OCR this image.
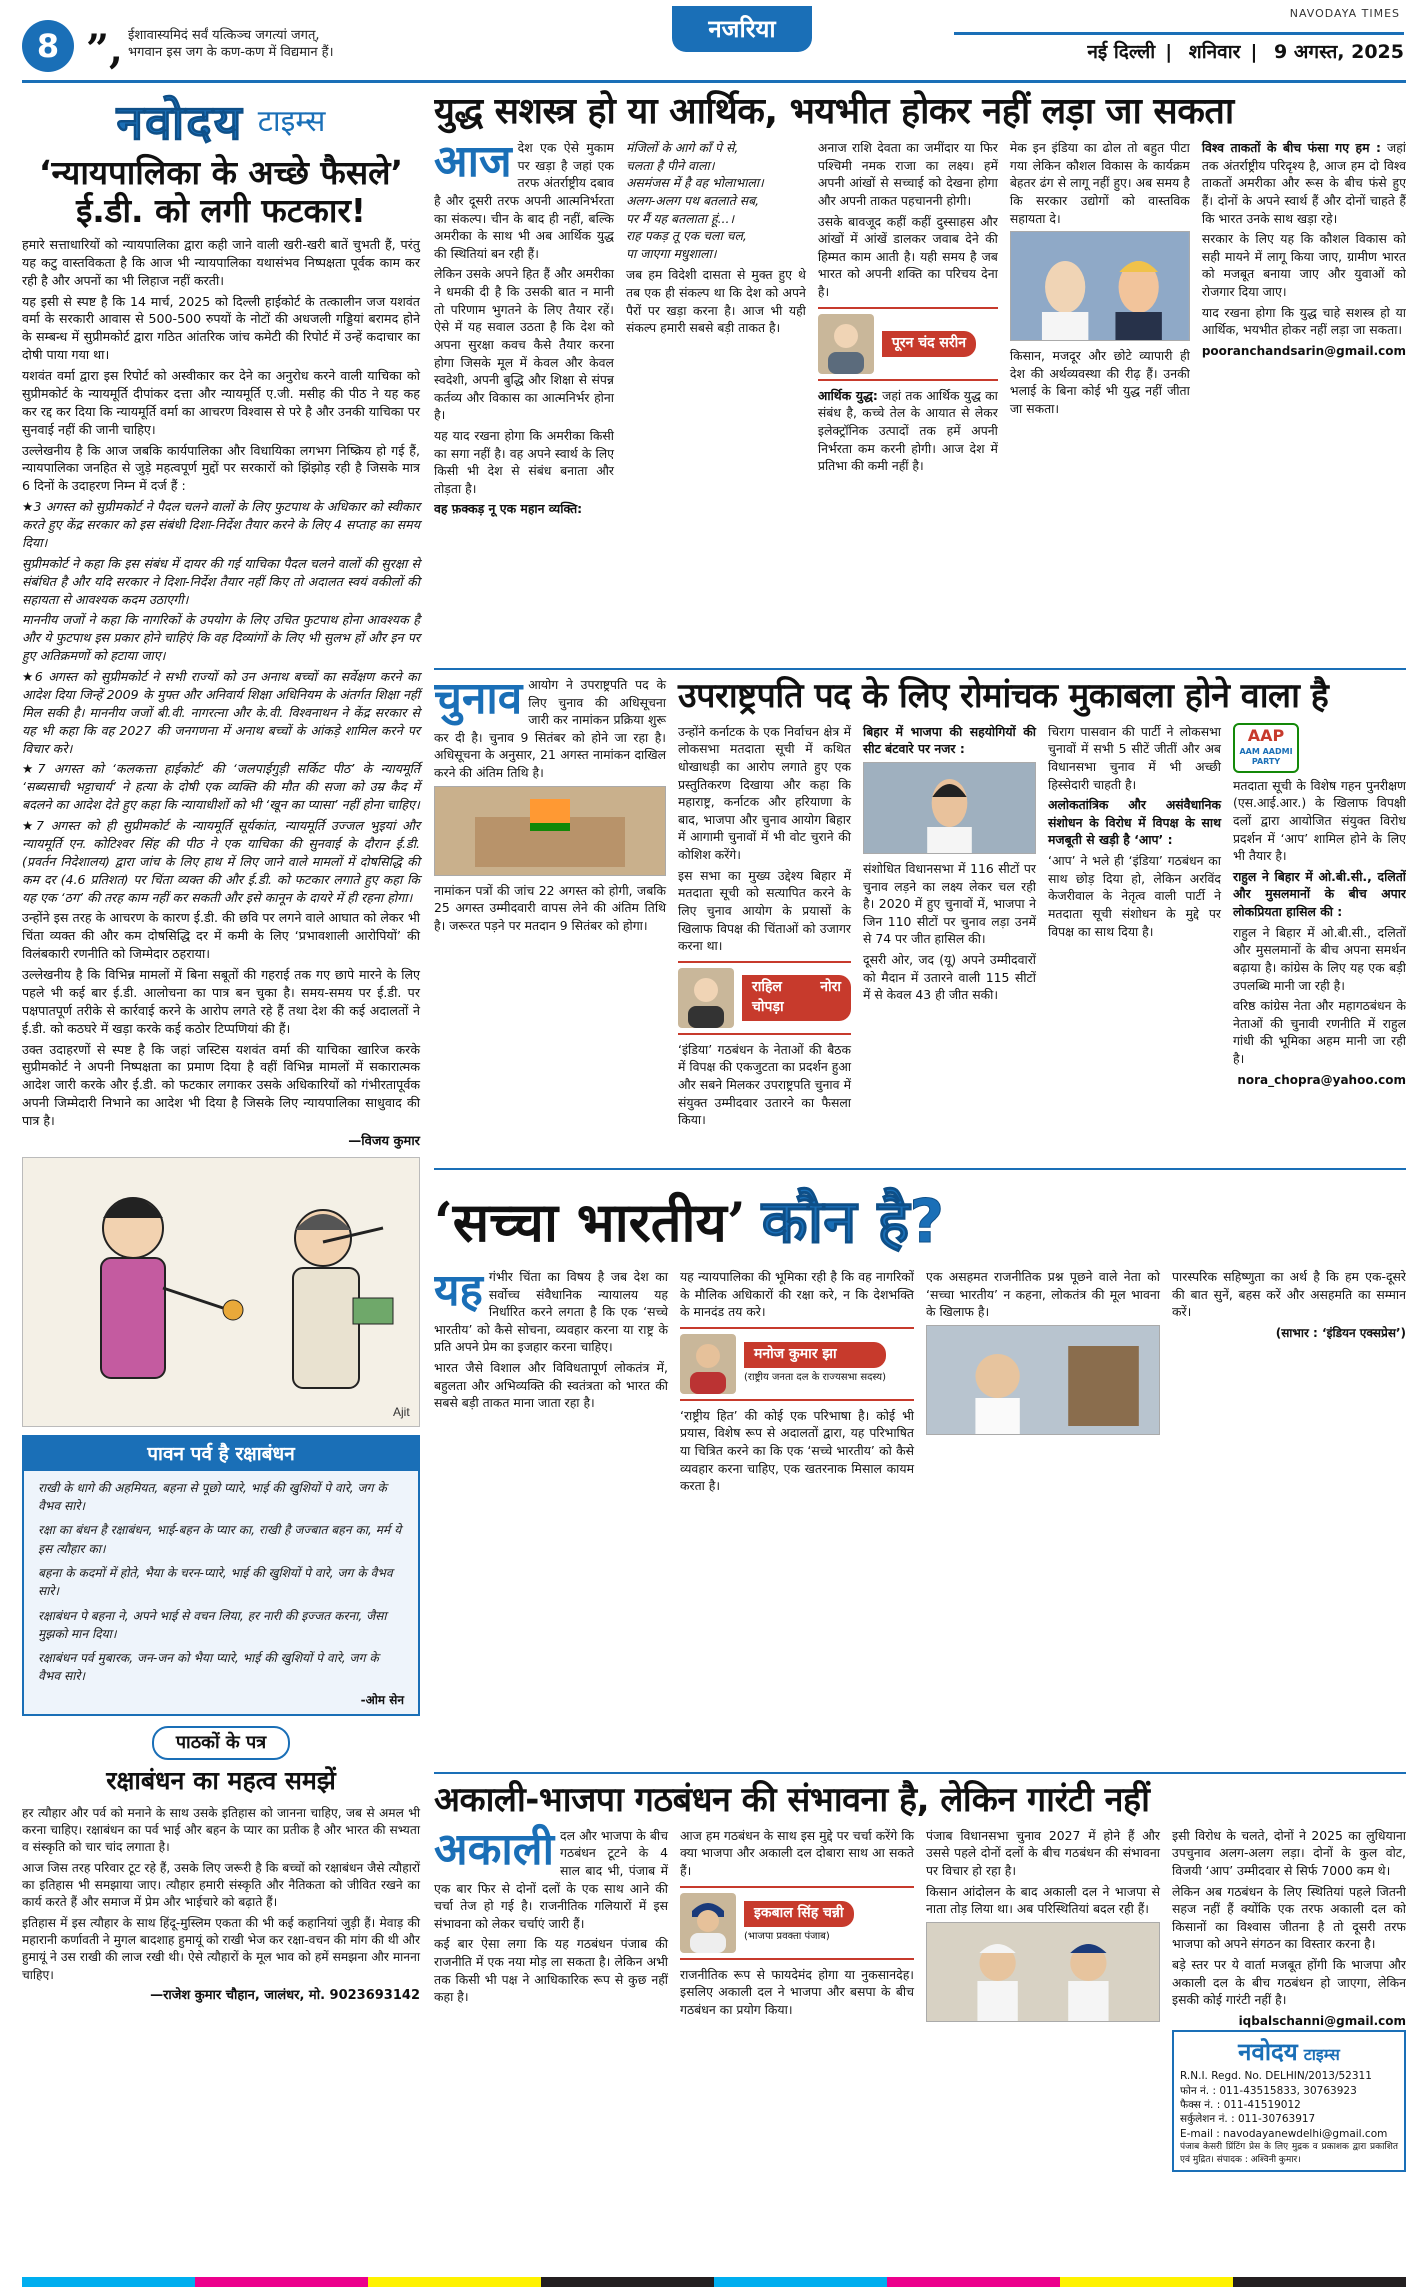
8 ”, ईशावास्यमिदं सर्वं यत्किञ्च जगत्यां जगत्,
भगवान इस जग के कण-कण में विद्यमान हैं।
नजरिया
NAVODAYA TIMES
नई दिल्ली | शनिवार | 9 अगस्त, 2025
नवोदय टाइम्स
‘न्यायपालिका के अच्छे फैसले’
ई.डी. को लगी फटकार!

हमारे सत्ताधारियों को न्यायपालिका द्वारा कही जाने वाली खरी-खरी बातें चुभती हैं, परंतु यह कटु वास्तविकता है कि आज भी न्यायपालिका यथासंभव निष्पक्षता पूर्वक काम कर रही है और अपनों का भी लिहाज नहीं करती।

यह इसी से स्पष्ट है कि 14 मार्च, 2025 को दिल्ली हाईकोर्ट के तत्कालीन जज यशवंत वर्मा के सरकारी आवास से 500-500 रुपयों के नोटों की अधजली गड्डियां बरामद होने के सम्बन्ध में सुप्रीमकोर्ट द्वारा गठित आंतरिक जांच कमेटी की रिपोर्ट में उन्हें कदाचार का दोषी पाया गया था।

यशवंत वर्मा द्वारा इस रिपोर्ट को अस्वीकार कर देने का अनुरोध करने वाली याचिका को सुप्रीमकोर्ट के न्यायमूर्ति दीपांकर दत्ता और न्यायमूर्ति ए.जी. मसीह की पीठ ने यह कह कर रद्द कर दिया कि न्यायमूर्ति वर्मा का आचरण विश्वास से परे है और उनकी याचिका पर सुनवाई नहीं की जानी चाहिए।

उल्लेखनीय है कि आज जबकि कार्यपालिका और विधायिका लगभग निष्क्रिय हो गई हैं, न्यायपालिका जनहित से जुड़े महत्वपूर्ण मुद्दों पर सरकारों को झिंझोड़ रही है जिसके मात्र 6 दिनों के उदाहरण निम्न में दर्ज हैं :

★3 अगस्त को सुप्रीमकोर्ट ने पैदल चलने वालों के लिए फुटपाथ के अधिकार को स्वीकार करते हुए केंद्र सरकार को इस संबंधी दिशा-निर्देश तैयार करने के लिए 4 सप्ताह का समय दिया।

सुप्रीमकोर्ट ने कहा कि इस संबंध में दायर की गई याचिका पैदल चलने वालों की सुरक्षा से संबंधित है और यदि सरकार ने दिशा-निर्देश तैयार नहीं किए तो अदालत स्वयं वकीलों की सहायता से आवश्यक कदम उठाएगी।

माननीय जजों ने कहा कि नागरिकों के उपयोग के लिए उचित फुटपाथ होना आवश्यक है और ये फुटपाथ इस प्रकार होने चाहिएं कि वह दिव्यांगों के लिए भी सुलभ हों और इन पर हुए अतिक्रमणों को हटाया जाए।

★6 अगस्त को सुप्रीमकोर्ट ने सभी राज्यों को उन अनाथ बच्चों का सर्वेक्षण करने का आदेश दिया जिन्हें 2009 के मुफ्त और अनिवार्य शिक्षा अधिनियम के अंतर्गत शिक्षा नहीं मिल सकी है। माननीय जजों बी.वी. नागरत्ना और के.वी. विश्वनाथन ने केंद्र सरकार से यह भी कहा कि वह 2027 की जनगणना में अनाथ बच्चों के आंकड़े शामिल करने पर विचार करे।

★7 अगस्त को ‘कलकत्ता हाईकोर्ट’ की ‘जलपाईगुड़ी सर्किट पीठ’ के न्यायमूर्ति ‘सब्यसाची भट्टाचार्य’ ने हत्या के दोषी एक व्यक्ति की मौत की सजा को उम्र कैद में बदलने का आदेश देते हुए कहा कि न्यायाधीशों को भी ‘खून का प्यासा’ नहीं होना चाहिए।

★7 अगस्त को ही सुप्रीमकोर्ट के न्यायमूर्ति सूर्यकांत, न्यायमूर्ति उज्जल भुइयां और न्यायमूर्ति एन. कोटिश्वर सिंह की पीठ ने एक याचिका की सुनवाई के दौरान ई.डी. (प्रवर्तन निदेशालय) द्वारा जांच के लिए हाथ में लिए जाने वाले मामलों में दोषसिद्धि की कम दर (4.6 प्रतिशत) पर चिंता व्यक्त की और ई.डी. को फटकार लगाते हुए कहा कि यह एक ‘ठग’ की तरह काम नहीं कर सकती और इसे कानून के दायरे में ही रहना होगा।

उन्होंने इस तरह के आचरण के कारण ई.डी. की छवि पर लगने वाले आघात को लेकर भी चिंता व्यक्त की और कम दोषसिद्धि दर में कमी के लिए ‘प्रभावशाली आरोपियों’ की विलंबकारी रणनीति को जिम्मेदार ठहराया।

उल्लेखनीय है कि विभिन्न मामलों में बिना सबूतों की गहराई तक गए छापे मारने के लिए पहले भी कई बार ई.डी. आलोचना का पात्र बन चुका है। समय-समय पर ई.डी. पर पक्षपातपूर्ण तरीके से कार्रवाई करने के आरोप लगते रहे हैं तथा देश की कई अदालतों ने ई.डी. को कठघरे में खड़ा करके कई कठोर टिप्पणियां की हैं।

उक्त उदाहरणों से स्पष्ट है कि जहां जस्टिस यशवंत वर्मा की याचिका खारिज करके सुप्रीमकोर्ट ने अपनी निष्पक्षता का प्रमाण दिया है वहीं विभिन्न मामलों में सकारात्मक आदेश जारी करके और ई.डी. को फटकार लगाकर उसके अधिकारियों को गंभीरतापूर्वक अपनी जिम्मेदारी निभाने का आदेश भी दिया है जिसके लिए न्यायपालिका साधुवाद की पात्र है।

—विजय कुमार
Ajit
पावन पर्व है रक्षाबंधन
राखी के धागे की अहमियत, बहना से पूछो प्यारे, भाई की खुशियों पे वारे, जग के वैभव सारे।
रक्षा का बंधन है रक्षाबंधन, भाई-बहन के प्यार का, राखी है जज्बात बहन का, मर्म ये इस त्यौहार का।
बहना के कदमों में होते, भैया के चरन-प्यारे, भाई की खुशियों पे वारे, जग के वैभव सारे।
रक्षाबंधन पे बहना ने, अपने भाई से वचन लिया, हर नारी की इज्जत करना, जैसा मुझको मान दिया।
रक्षाबंधन पर्व मुबारक, जन-जन को भैया प्यारे, भाई की खुशियों पे वारे, जग के वैभव सारे।
-ओम सेन
पाठकों के पत्र
रक्षाबंधन का महत्व समझें

हर त्यौहार और पर्व को मनाने के साथ उसके इतिहास को जानना चाहिए, जब से अमल भी करना चाहिए। रक्षाबंधन का पर्व भाई और बहन के प्यार का प्रतीक है और भारत की सभ्यता व संस्कृति को चार चांद लगाता है।

आज जिस तरह परिवार टूट रहे हैं, उसके लिए जरूरी है कि बच्चों को रक्षाबंधन जैसे त्यौहारों का इतिहास भी समझाया जाए। त्यौहार हमारी संस्कृति और नैतिकता को जीवित रखने का कार्य करते हैं और समाज में प्रेम और भाईचारे को बढ़ाते हैं।

इतिहास में इस त्यौहार के साथ हिंदू-मुस्लिम एकता की भी कई कहानियां जुड़ी हैं। मेवाड़ की महारानी कर्णावती ने मुगल बादशाह हुमायूं को राखी भेज कर रक्षा-वचन की मांग की थी और हुमायूं ने उस राखी की लाज रखी थी। ऐसे त्यौहारों के मूल भाव को हमें समझना और मानना चाहिए।

—राजेश कुमार चौहान, जालंधर, मो. 9023693142
युद्ध सशस्त्र हो या आर्थिक, भयभीत होकर नहीं लड़ा जा सकता
आज देश एक ऐसे मुकाम पर खड़ा है जहां एक तरफ अंतर्राष्ट्रीय दबाव है और दूसरी तरफ अपनी आत्मनिर्भरता का संकल्प। चीन के बाद ही नहीं, बल्कि अमरीका के साथ भी अब आर्थिक युद्ध की स्थितियां बन रही हैं।

लेकिन उसके अपने हित हैं और अमरीका ने धमकी दी है कि उसकी बात न मानी तो परिणाम भुगतने के लिए तैयार रहें। ऐसे में यह सवाल उठता है कि देश को अपना सुरक्षा कवच कैसे तैयार करना होगा जिसके मूल में केवल और केवल स्वदेशी, अपनी बुद्धि और शिक्षा से संपन्न कर्तव्य और विकास का आत्मनिर्भर होना है।

यह याद रखना होगा कि अमरीका किसी का सगा नहीं है। वह अपने स्वार्थ के लिए किसी भी देश से संबंध बनाता और तोड़ता है।

वह फ़क्कड़ नू एक महान व्यक्ति:

मंजिलों के आगे काँ पे से,
चलता है पीने वाला।
असमंजस में है वह भोलाभाला।
अलग-अलग पथ बतलाते सब,
पर मैं यह बतलाता हूं...।
राह पकड़ तू एक चला चल,
पा जाएगा मधुशाला।

जब हम विदेशी दासता से मुक्त हुए थे तब एक ही संकल्प था कि देश को अपने पैरों पर खड़ा करना है। आज भी यही संकल्प हमारी सबसे बड़ी ताकत है।

अनाज राशि देवता का जमींदार या फिर पश्चिमी नमक राजा का लक्ष्य। हमें अपनी आंखों से सच्चाई को देखना होगा और अपनी ताकत पहचाननी होगी।

उसके बावजूद कहीं कहीं दुस्साहस और आंखों में आंखें डालकर जवाब देने की हिम्मत काम आती है। यही समय है जब भारत को अपनी शक्ति का परिचय देना है।

पूरन चंद सरीन

आर्थिक युद्ध: जहां तक आर्थिक युद्ध का संबंध है, कच्चे तेल के आयात से लेकर इलेक्ट्रॉनिक उत्पादों तक हमें अपनी निर्भरता कम करनी होगी। आज देश में प्रतिभा की कमी नहीं है।

मेक इन इंडिया का ढोल तो बहुत पीटा गया लेकिन कौशल विकास के कार्यक्रम बेहतर ढंग से लागू नहीं हुए। अब समय है कि सरकार उद्योगों को वास्तविक सहायता दे।

किसान, मजदूर और छोटे व्यापारी ही देश की अर्थव्यवस्था की रीढ़ हैं। उनकी भलाई के बिना कोई भी युद्ध नहीं जीता जा सकता।

विश्व ताकतों के बीच फंसा गए हम : जहां तक अंतर्राष्ट्रीय परिदृश्य है, आज हम दो विश्व ताकतों अमरीका और रूस के बीच फंसे हुए हैं। दोनों के अपने स्वार्थ हैं और दोनों चाहते हैं कि भारत उनके साथ खड़ा रहे।

सरकार के लिए यह कि कौशल विकास को सही मायने में लागू किया जाए, ग्रामीण भारत को मजबूत बनाया जाए और युवाओं को रोजगार दिया जाए।

याद रखना होगा कि युद्ध चाहे सशस्त्र हो या आर्थिक, भयभीत होकर नहीं लड़ा जा सकता।

pooranchandsarin@gmail.com
चुनाव आयोग ने उपराष्ट्रपति पद के लिए चुनाव की अधिसूचना जारी कर नामांकन प्रक्रिया शुरू कर दी है। चुनाव 9 सितंबर को होने जा रहा है। अधिसूचना के अनुसार, 21 अगस्त नामांकन दाखिल करने की अंतिम तिथि है।

नामांकन पत्रों की जांच 22 अगस्त को होगी, जबकि 25 अगस्त उम्मीदवारी वापस लेने की अंतिम तिथि है। जरूरत पड़ने पर मतदान 9 सितंबर को होगा।

उपराष्ट्रपति पद के लिए रोमांचक मुकाबला होने वाला है

उन्होंने कर्नाटक के एक निर्वाचन क्षेत्र में लोकसभा मतदाता सूची में कथित धोखाधड़ी का आरोप लगाते हुए एक प्रस्तुतिकरण दिखाया और कहा कि महाराष्ट्र, कर्नाटक और हरियाणा के बाद, भाजपा और चुनाव आयोग बिहार में आगामी चुनावों में भी वोट चुराने की कोशिश करेंगे।

इस सभा का मुख्य उद्देश्य बिहार में मतदाता सूची को सत्यापित करने के लिए चुनाव आयोग के प्रयासों के खिलाफ विपक्ष की चिंताओं को उजागर करना था।

राहिल नोरा चोपड़ा

‘इंडिया’ गठबंधन के नेताओं की बैठक में विपक्ष की एकजुटता का प्रदर्शन हुआ और सबने मिलकर उपराष्ट्रपति चुनाव में संयुक्त उम्मीदवार उतारने का फैसला किया।

बिहार में भाजपा की सहयोगियों की सीट बंटवारे पर नजर :

संशोधित विधानसभा में 116 सीटों पर चुनाव लड़ने का लक्ष्य लेकर चल रही है। 2020 में हुए चुनावों में, भाजपा ने जिन 110 सीटों पर चुनाव लड़ा उनमें से 74 पर जीत हासिल की।

दूसरी ओर, जद (यू) अपने उम्मीदवारों को मैदान में उतारने वाली 115 सीटों में से केवल 43 ही जीत सकी।

चिराग पासवान की पार्टी ने लोकसभा चुनावों में सभी 5 सीटें जीतीं और अब विधानसभा चुनाव में भी अच्छी हिस्सेदारी चाहती है।

अलोकतांत्रिक और असंवैधानिक संशोधन के विरोध में विपक्ष के साथ मजबूती से खड़ी है ‘आप’ :

‘आप’ ने भले ही ‘इंडिया’ गठबंधन का साथ छोड़ दिया हो, लेकिन अरविंद केजरीवाल के नेतृत्व वाली पार्टी ने मतदाता सूची संशोधन के मुद्दे पर विपक्ष का साथ दिया है।

AAP
AAM AADMI PARTY

मतदाता सूची के विशेष गहन पुनरीक्षण (एस.आई.आर.) के खिलाफ विपक्षी दलों द्वारा आयोजित संयुक्त विरोध प्रदर्शन में ‘आप’ शामिल होने के लिए भी तैयार है।

राहुल ने बिहार में ओ.बी.सी., दलितों और मुसलमानों के बीच अपार लोकप्रियता हासिल की :

राहुल ने बिहार में ओ.बी.सी., दलितों और मुसलमानों के बीच अपना समर्थन बढ़ाया है। कांग्रेस के लिए यह एक बड़ी उपलब्धि मानी जा रही है।

वरिष्ठ कांग्रेस नेता और महागठबंधन के नेताओं की चुनावी रणनीति में राहुल गांधी की भूमिका अहम मानी जा रही है।

nora_chopra@yahoo.com
‘सच्चा भारतीय’ कौन है?
यह गंभीर चिंता का विषय है जब देश का सर्वोच्च संवैधानिक न्यायालय यह निर्धारित करने लगता है कि एक ‘सच्चे भारतीय’ को कैसे सोचना, व्यवहार करना या राष्ट्र के प्रति अपने प्रेम का इजहार करना चाहिए।

भारत जैसे विशाल और विविधतापूर्ण लोकतंत्र में, बहुलता और अभिव्यक्ति की स्वतंत्रता को भारत की सबसे बड़ी ताकत माना जाता रहा है।

यह न्यायपालिका की भूमिका रही है कि वह नागरिकों के मौलिक अधिकारों की रक्षा करे, न कि देशभक्ति के मानदंड तय करे।

मनोज कुमार झा
(राष्ट्रीय जनता दल के राज्यसभा सदस्य)

‘राष्ट्रीय हित’ की कोई एक परिभाषा है। कोई भी प्रयास, विशेष रूप से अदालतों द्वारा, यह परिभाषित या चित्रित करने का कि एक ‘सच्चे भारतीय’ को कैसे व्यवहार करना चाहिए, एक खतरनाक मिसाल कायम करता है।

एक असहमत राजनीतिक प्रश्न पूछने वाले नेता को ‘सच्चा भारतीय’ न कहना, लोकतंत्र की मूल भावना के खिलाफ है।

पारस्परिक सहिष्णुता का अर्थ है कि हम एक-दूसरे की बात सुनें, बहस करें और असहमति का सम्मान करें।

(साभार : ‘इंडियन एक्सप्रेस’)
अकाली-भाजपा गठबंधन की संभावना है, लेकिन गारंटी नहीं
अकाली दल और भाजपा के बीच गठबंधन टूटने के 4 साल बाद भी, पंजाब में एक बार फिर से दोनों दलों के एक साथ आने की चर्चा तेज हो गई है। राजनीतिक गलियारों में इस संभावना को लेकर चर्चाएं जारी हैं।

कई बार ऐसा लगा कि यह गठबंधन पंजाब की राजनीति में एक नया मोड़ ला सकता है। लेकिन अभी तक किसी भी पक्ष ने आधिकारिक रूप से कुछ नहीं कहा है।

आज हम गठबंधन के साथ इस मुद्दे पर चर्चा करेंगे कि क्या भाजपा और अकाली दल दोबारा साथ आ सकते हैं।

इकबाल सिंह चन्नी
(भाजपा प्रवक्ता पंजाब)

राजनीतिक रूप से फायदेमंद होगा या नुकसानदेह। इसलिए अकाली दल ने भाजपा और बसपा के बीच गठबंधन का प्रयोग किया।

पंजाब विधानसभा चुनाव 2027 में होने हैं और उससे पहले दोनों दलों के बीच गठबंधन की संभावना पर विचार हो रहा है।

किसान आंदोलन के बाद अकाली दल ने भाजपा से नाता तोड़ लिया था। अब परिस्थितियां बदल रही हैं।

इसी विरोध के चलते, दोनों ने 2025 का लुधियाना उपचुनाव अलग-अलग लड़ा। दोनों के कुल वोट, विजयी ‘आप’ उम्मीदवार से सिर्फ 7000 कम थे।

लेकिन अब गठबंधन के लिए स्थितियां पहले जितनी सहज नहीं हैं क्योंकि एक तरफ अकाली दल को किसानों का विश्वास जीतना है तो दूसरी तरफ भाजपा को अपने संगठन का विस्तार करना है।

बड़े स्तर पर ये वार्ता मजबूत होंगी कि भाजपा और अकाली दल के बीच गठबंधन हो जाएगा, लेकिन इसकी कोई गारंटी नहीं है।

iqbalschanni@gmail.com
नवोदय टाइम्स
R.N.I. Regd. No. DELHIN/2013/52311
फोन नं. : 011-43515833, 30763923
फैक्स नं. : 011-41519012
सर्कुलेशन नं. : 011-30763917
E-mail : navodayanewdelhi@gmail.com
पंजाब केसरी प्रिंटिंग प्रेस के लिए मुद्रक व प्रकाशक द्वारा प्रकाशित एवं मुद्रित। संपादक : अश्विनी कुमार।
